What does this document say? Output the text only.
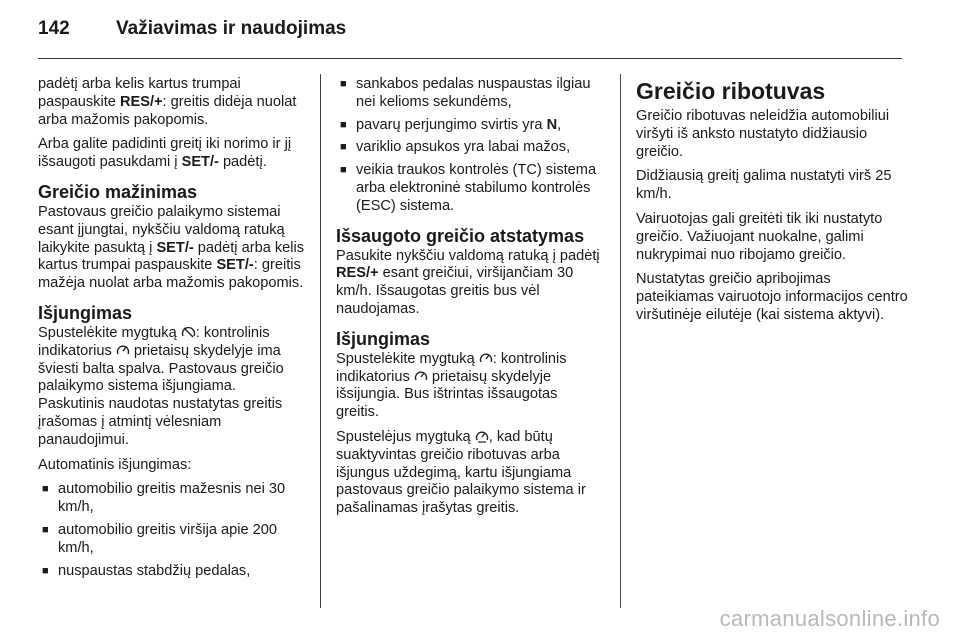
142 Važiavimas ir naudojimas

padėtį arba kelis kartus trumpai paspauskite RES/+: greitis didėja nuolat arba mažomis pakopomis.

Arba galite padidinti greitį iki norimo ir jį išsaugoti pasukdami į SET/- padėtį.

Greičio mažinimas

Pastovaus greičio palaikymo sistemai esant įjungtai, nykščiu valdomą ratuką laikykite pasuktą į SET/- padėtį arba kelis kartus trumpai paspauskite SET/-: greitis mažėja nuolat arba mažomis pakopomis.

Išjungimas

Spustelėkite mygtuką : kontrolinis indikatorius  prietaisų skydelyje ima šviesti balta spalva. Pastovaus greičio palaikymo sistema išjungiama. Paskutinis naudotas nustatytas greitis įrašomas į atmintį vėlesniam panaudojimui.

Automatinis išjungimas:

■ automobilio greitis mažesnis nei 30 km/h,
■ automobilio greitis viršija apie 200 km/h,
■ nuspaustas stabdžių pedalas,
■ sankabos pedalas nuspaustas ilgiau nei kelioms sekundėms,
■ pavarų perjungimo svirtis yra N,
■ variklio apsukos yra labai mažos,
■ veikia traukos kontrolės (TC) sistema arba elektroninė stabilumo kontrolės (ESC) sistema.
Išsaugoto greičio atstatymas

Pasukite nykščiu valdomą ratuką į padėtį RES/+ esant greičiui, viršijančiam 30 km/h. Išsaugotas greitis bus vėl naudojamas.

Išjungimas

Spustelėkite mygtuką : kontrolinis indikatorius  prietaisų skydelyje išsijungia. Bus ištrintas išsaugotas greitis.

Spustelėjus mygtuką , kad būtų suaktyvintas greičio ribotuvas arba išjungus uždegimą, kartu išjungiama pastovaus greičio palaikymo sistema ir pašalinamas įrašytas greitis.

Greičio ribotuvas

Greičio ribotuvas neleidžia automobiliui viršyti iš anksto nustatyto didžiausio greičio.

Didžiausią greitį galima nustatyti virš 25 km/h.

Vairuotojas gali greitėti tik iki nustatyto greičio. Važiuojant nuokalne, galimi nukrypimai nuo ribojamo greičio.

Nustatytas greičio apribojimas pateikiamas vairuotojo informacijos centro viršutinėje eilutėje (kai sistema aktyvi).

carmanualsonline.info
